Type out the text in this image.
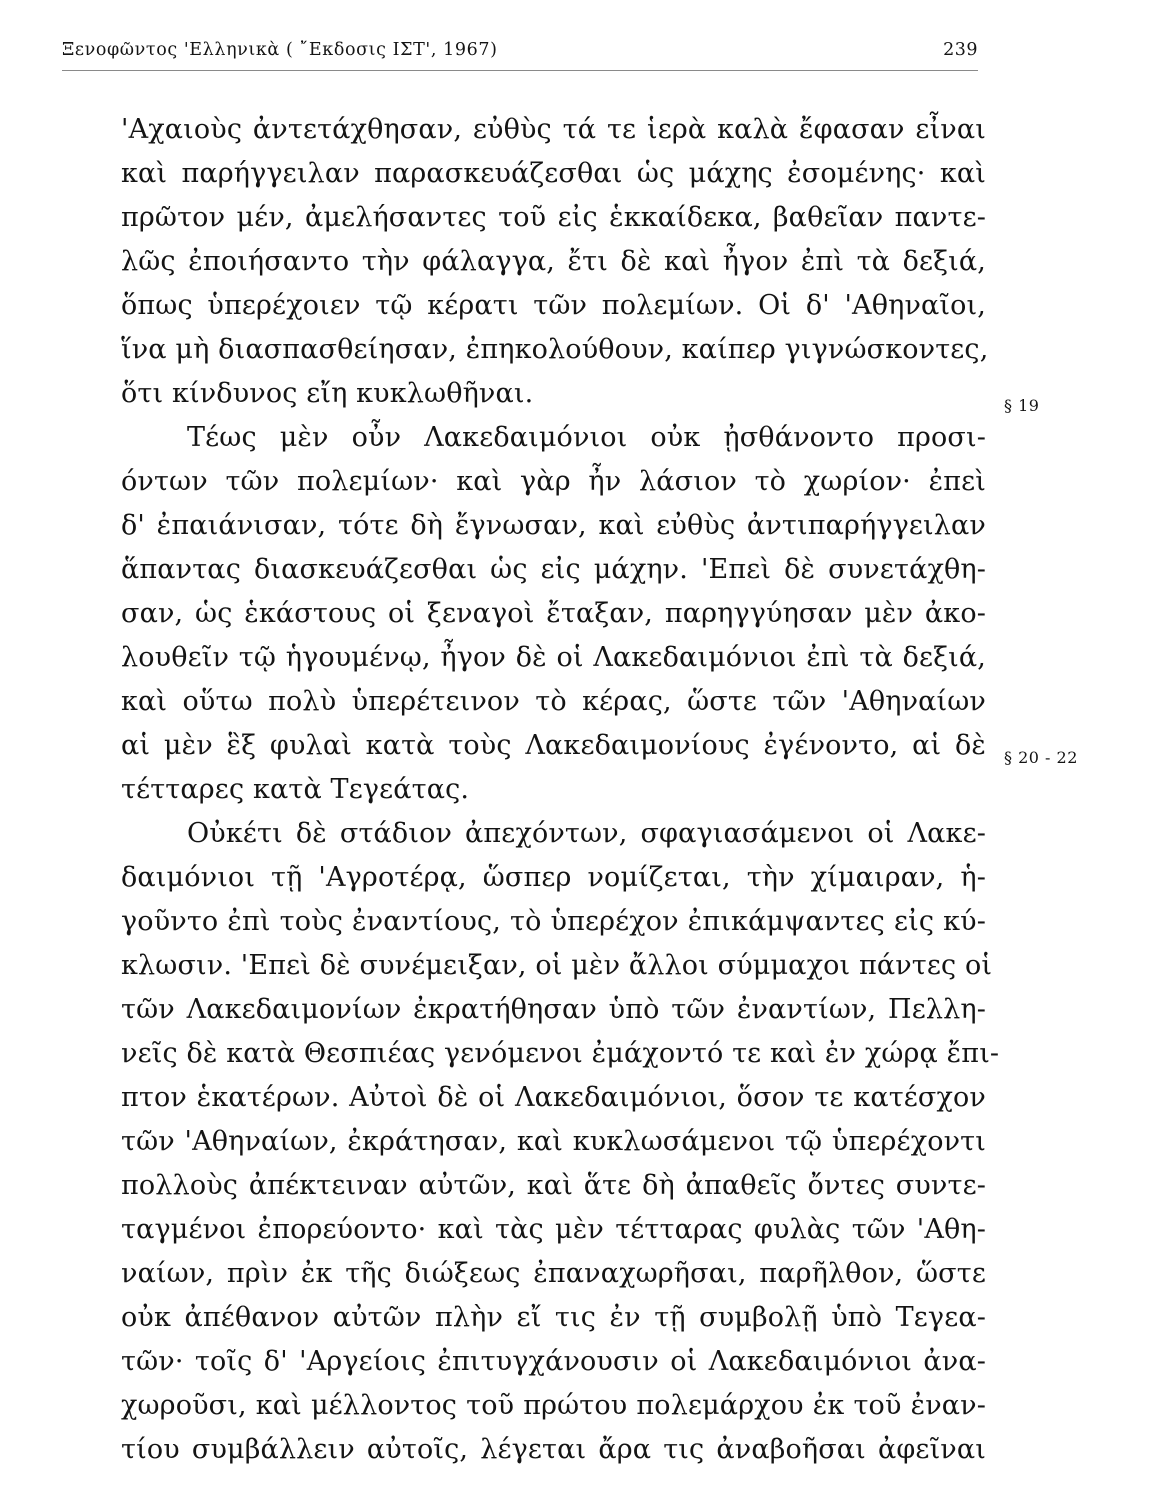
Ξενοφῶντος 'Ελληνικὰ ( ῎Εκδοσις ΙΣΤ', 1967)	239
'Αχαιοὺς ἀντετάχθησαν, εὐθὺς τά τε ἱερὰ καλὰ ἔφασαν εἶναι
καὶ παρήγγειλαν παρασκευάζεσθαι ὡς μάχης ἐσομένης· καὶ
πρῶτον μέν, ἀμελήσαντες τοῦ εἰς ἑκκαίδεκα, βαθεῖαν παντε-
λῶς ἐποιήσαντο τὴν φάλαγγα, ἔτι δὲ καὶ ἦγον ἐπὶ τὰ δεξιά,
ὅπως ὑπερέχοιεν τῷ κέρατι τῶν πολεμίων. Οἱ δ' 'Αθηναῖοι,
ἵνα μὴ διασπασθείησαν, ἐπηκολούθουν, καίπερ γιγνώσκοντες,
ὅτι κίνδυνος εἴη κυκλωθῆναι.
Τέως μὲν οὖν Λακεδαιμόνιοι οὐκ ᾐσθάνοντο προσι-
όντων τῶν πολεμίων· καὶ γὰρ ἦν λάσιον τὸ χωρίον· ἐπεὶ
δ' ἐπαιάνισαν, τότε δὴ ἔγνωσαν, καὶ εὐθὺς ἀντιπαρήγγειλαν
ἅπαντας διασκευάζεσθαι ὡς εἰς μάχην. 'Επεὶ δὲ συνετάχθη-
σαν, ὡς ἑκάστους οἱ ξεναγοὶ ἔταξαν, παρηγγύησαν μὲν ἀκο-
λουθεῖν τῷ ἡγουμένῳ, ἦγον δὲ οἱ Λακεδαιμόνιοι ἐπὶ τὰ δεξιά,
καὶ οὕτω πολὺ ὑπερέτεινον τὸ κέρας, ὥστε τῶν 'Αθηναίων
αἱ μὲν ἓξ φυλαὶ κατὰ τοὺς Λακεδαιμονίους ἐγένοντο, αἱ δὲ
τέτταρες κατὰ Τεγεάτας.
Οὐκέτι δὲ στάδιον ἀπεχόντων, σφαγιασάμενοι οἱ Λακε-
δαιμόνιοι τῇ 'Αγροτέρᾳ, ὥσπερ νομίζεται, τὴν χίμαιραν, ἡ-
γοῦντο ἐπὶ τοὺς ἐναντίους, τὸ ὑπερέχον ἐπικάμψαντες εἰς κύ-
κλωσιν. 'Επεὶ δὲ συνέμειξαν, οἱ μὲν ἄλλοι σύμμαχοι πάντες οἱ
τῶν Λακεδαιμονίων ἐκρατήθησαν ὑπὸ τῶν ἐναντίων, Πελλη-
νεῖς δὲ κατὰ Θεσπιέας γενόμενοι ἐμάχοντό τε καὶ ἐν χώρᾳ ἔπι-
πτον ἑκατέρων. Αὐτοὶ δὲ οἱ Λακεδαιμόνιοι, ὅσον τε κατέσχον
τῶν 'Αθηναίων, ἐκράτησαν, καὶ κυκλωσάμενοι τῷ ὑπερέχοντι
πολλοὺς ἀπέκτειναν αὐτῶν, καὶ ἅτε δὴ ἀπαθεῖς ὄντες συντε-
ταγμένοι ἐπορεύοντο· καὶ τὰς μὲν τέτταρας φυλὰς τῶν 'Αθη-
ναίων, πρὶν ἐκ τῆς διώξεως ἐπαναχωρῆσαι, παρῆλθον, ὥστε
οὐκ ἀπέθανον αὐτῶν πλὴν εἴ τις ἐν τῇ συμβολῇ ὑπὸ Τεγεα-
τῶν· τοῖς δ' 'Αργείοις ἐπιτυγχάνουσιν οἱ Λακεδαιμόνιοι ἀνα-
χωροῦσι, καὶ μέλλοντος τοῦ πρώτου πολεμάρχου ἐκ τοῦ ἐναν-
τίου συμβάλλειν αὐτοῖς, λέγεται ἄρα τις ἀναβοῆσαι ἀφεῖναι
§ 19
§ 20 - 22
